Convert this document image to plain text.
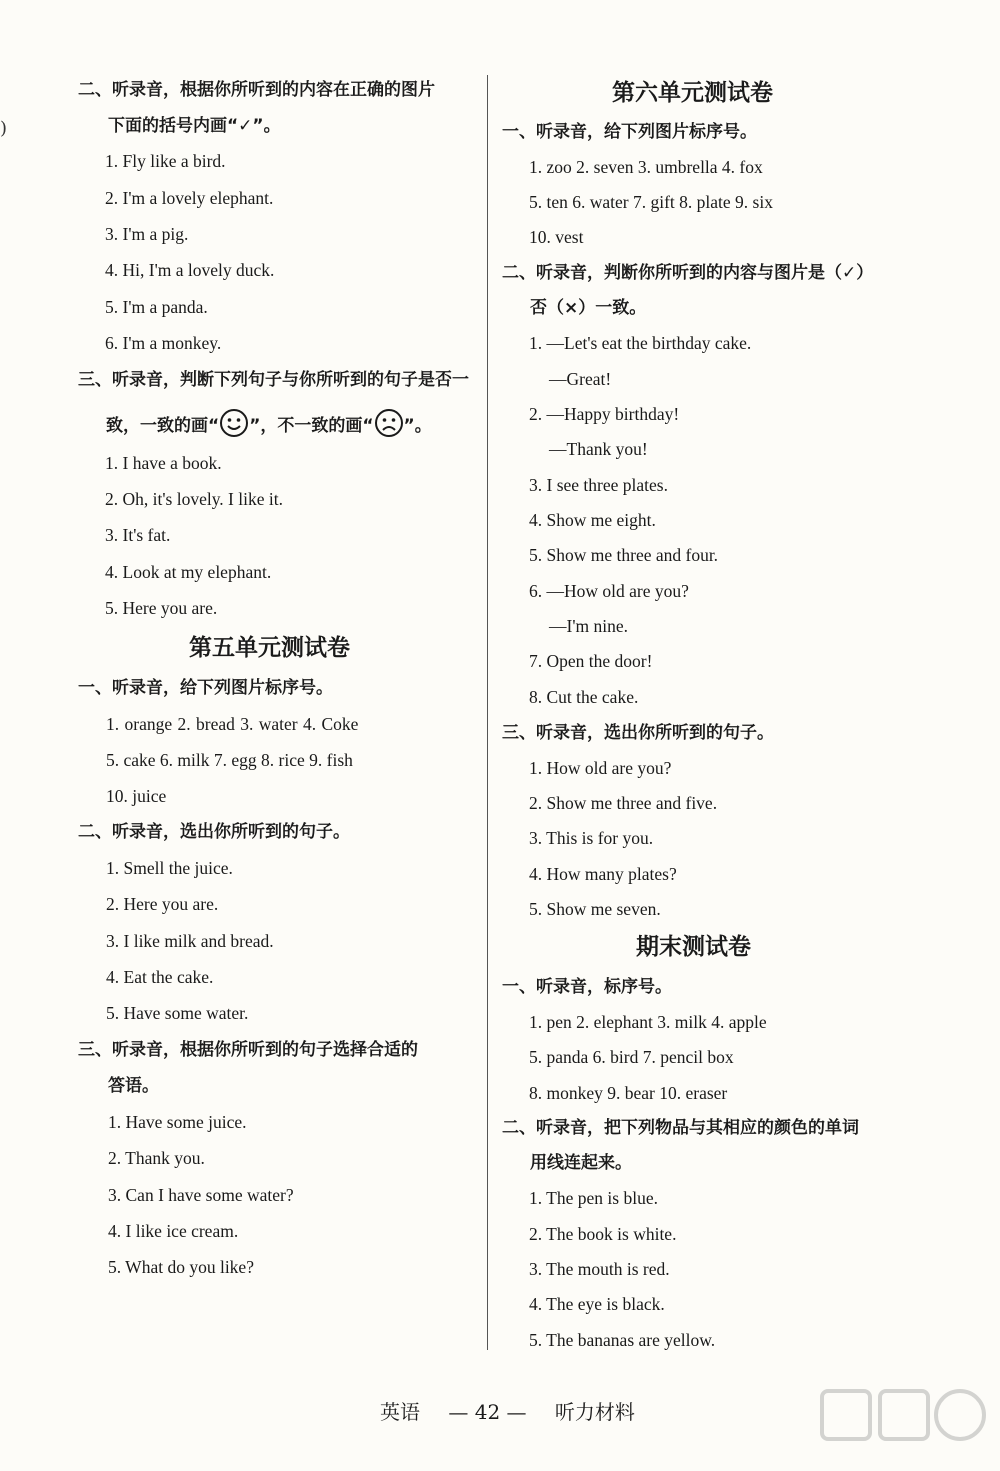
)
二、听录音，根据你所听到的内容在正确的图片
下面的括号内画“✓”。
1. Fly like a bird.
2. I'm a lovely elephant.
3. I'm a pig.
4. Hi, I'm a lovely duck.
5. I'm a panda.
6. I'm a monkey.
三、听录音，判断下列句子与你所听到的句子是否一
致，一致的画“ ”，不一致的画“ ”。
1. I have a book.
2. Oh, it's lovely. I like it.
3. It's fat.
4. Look at my elephant.
5. Here you are.
第五单元测试卷
一、听录音，给下列图片标序号。
1. orange 2. bread 3. water 4. Coke
5. cake 6. milk 7. egg 8. rice 9. fish
10. juice
二、听录音，选出你所听到的句子。
1. Smell the juice.
2. Here you are.
3. I like milk and bread.
4. Eat the cake.
5. Have some water.
三、听录音，根据你所听到的句子选择合适的
答语。
1. Have some juice.
2. Thank you.
3. Can I have some water?
4. I like ice cream.
5. What do you like?
第六单元测试卷
一、听录音，给下列图片标序号。
1. zoo 2. seven 3. umbrella 4. fox
5. ten 6. water 7. gift 8. plate 9. six
10. vest
二、听录音，判断你所听到的内容与图片是（✓）
否（×）一致。
1. —Let's eat the birthday cake.
—Great!
2. —Happy birthday!
—Thank you!
3. I see three plates.
4. Show me eight.
5. Show me three and four.
6. —How old are you?
—I'm nine.
7. Open the door!
8. Cut the cake.
三、听录音，选出你所听到的句子。
1. How old are you?
2. Show me three and five.
3. This is for you.
4. How many plates?
5. Show me seven.
期末测试卷
一、听录音，标序号。
1. pen 2. elephant 3. milk 4. apple
5. panda 6. bird 7. pencil box
8. monkey 9. bear 10. eraser
二、听录音，把下列物品与其相应的颜色的单词
用线连起来。
1. The pen is blue.
2. The book is white.
3. The mouth is red.
4. The eye is black.
5. The bananas are yellow.
英语 — 42 — 听力材料
